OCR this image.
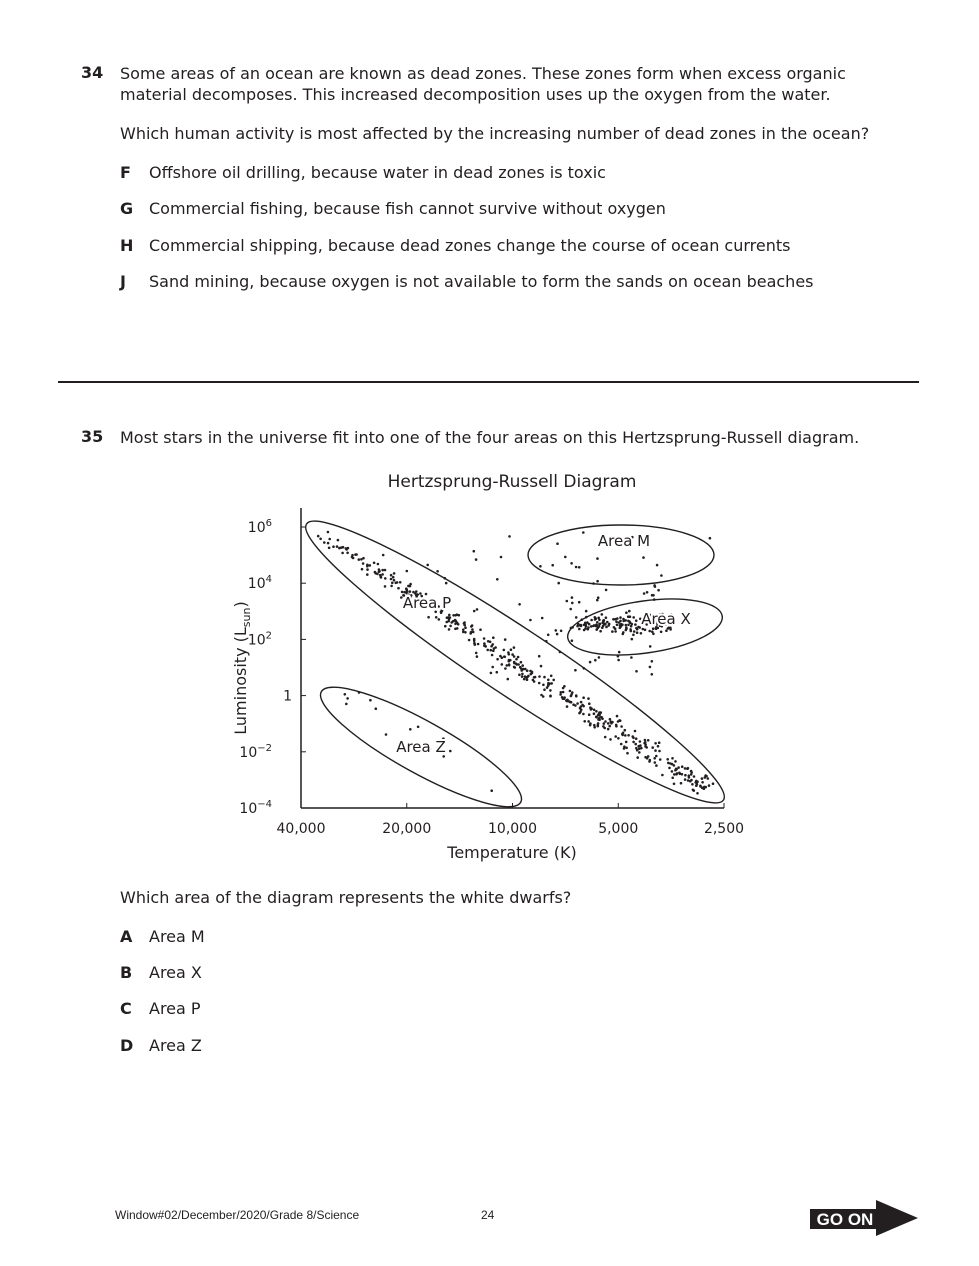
34 Some areas of an ocean are known as dead zones. These zones form when excess organic
material decomposes. This increased decomposition uses up the oxygen from the water.
Which human activity is most affected by the increasing number of dead zones in the ocean?
F	Offshore oil drilling, because water in dead zones is toxic
G Commercial fishing, because fish cannot survive without oxygen
H Commercial shipping, because dead zones change the course of ocean currents
J	Sand mining, because oxygen is not available to form the sands on ocean beaches
35 Most stars in the universe fit into one of the four areas on this Hertzsprung-Russell diagram.
Hertzsprung-Russell Diagram
Area M
Area X
Area P
Area Z
40,000	20,000	10,000	5,000	2,500
$10^{-4}$
$10^{-2}$
1
$10^2$
$10^4$
$10^6$
Temperature (K)
Luminosity $(L_{sun})$
Which area of the diagram represents the white dwarfs?
A	Area M
B	Area X
C	Area P
D Area Z
Window#02/December/2020/Grade 8/Science	24	GO ON
